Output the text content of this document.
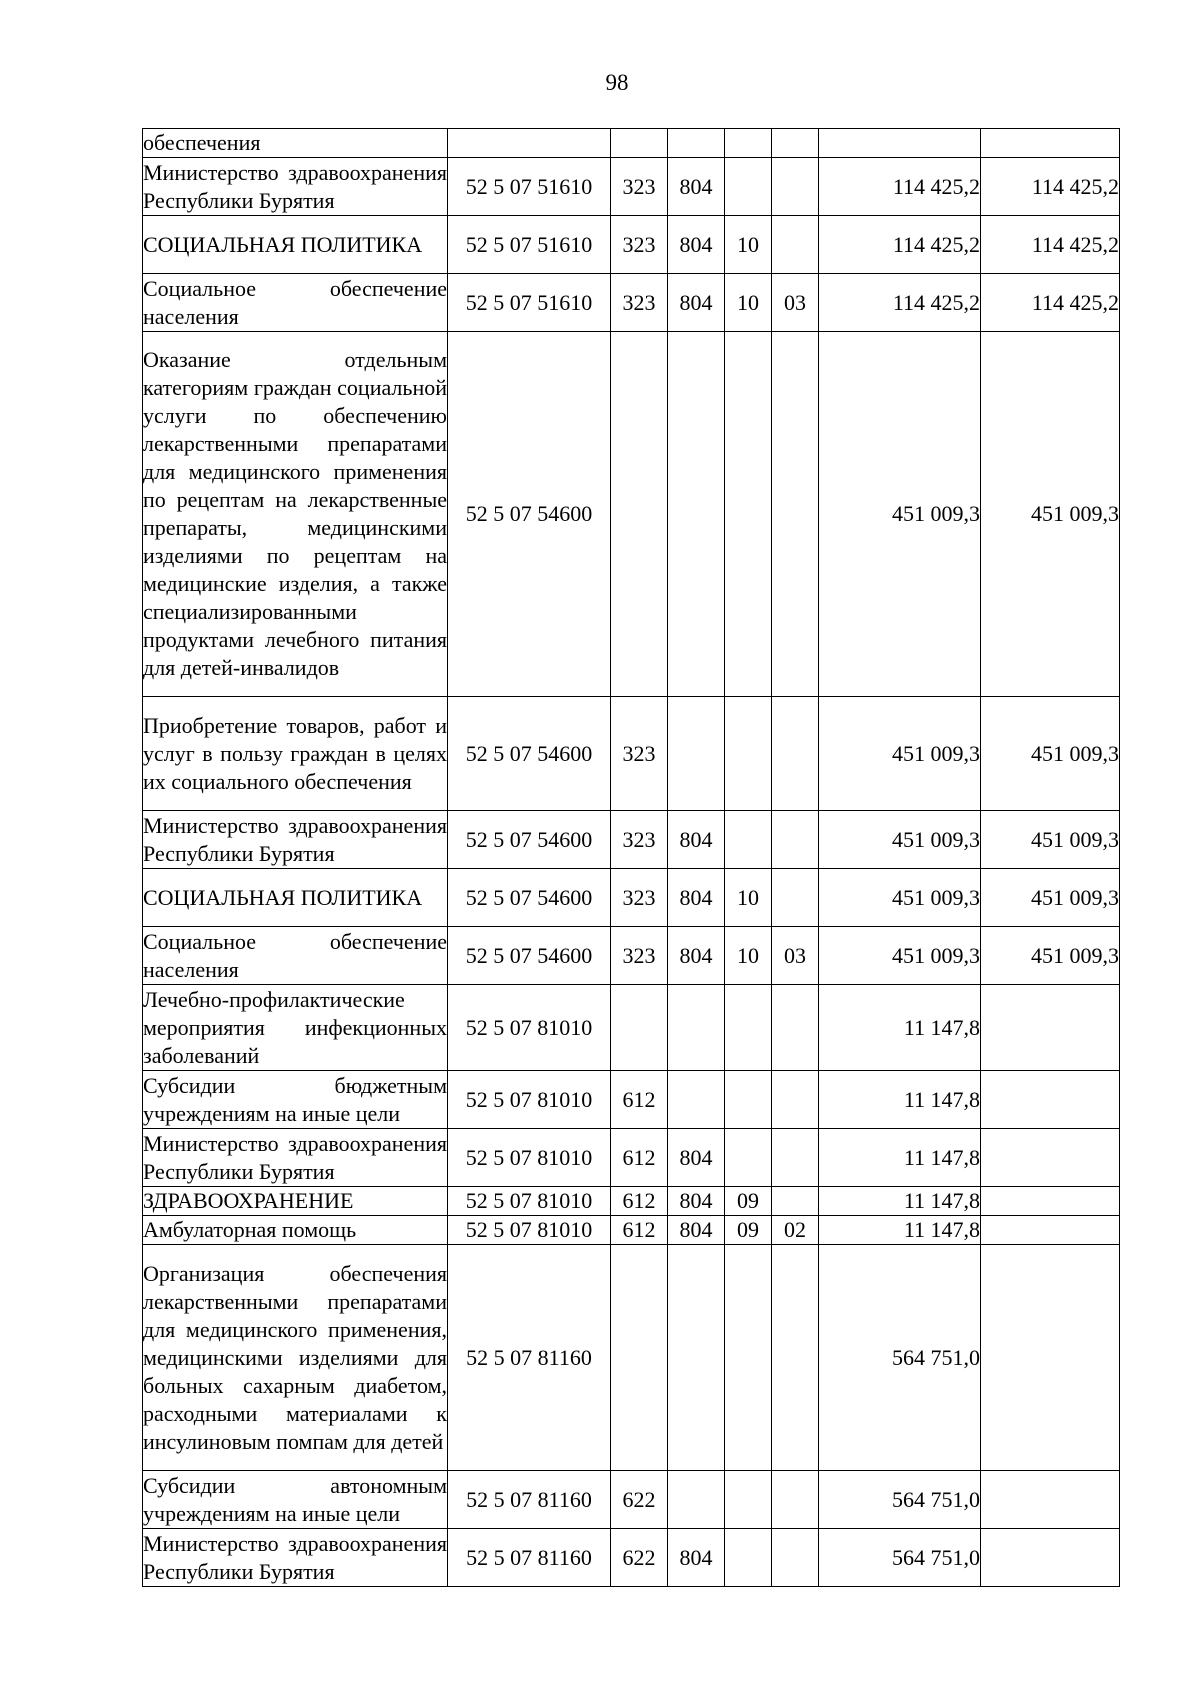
98
обеспечения							
Министерство здравоохранения Республики Бурятия	52 5 07 51610	323	804			114 425,2	114 425,2
СОЦИАЛЬНАЯ ПОЛИТИКА	52 5 07 51610	323	804	10		114 425,2	114 425,2
Социальное обеспечение населения	52 5 07 51610	323	804	10	03	114 425,2	114 425,2
Оказание отдельным категориям граждан социальной услуги по обеспечению лекарственными препаратами для медицинского применения по рецептам на лекарственные препараты, медицинскими изделиями по рецептам на медицинские изделия, а также специализированными продуктами лечебного питания для детей-инвалидов	52 5 07 54600					451 009,3	451 009,3
Приобретение товаров, работ и услуг в пользу граждан в целях их социального обеспечения	52 5 07 54600	323				451 009,3	451 009,3
Министерство здравоохранения Республики Бурятия	52 5 07 54600	323	804			451 009,3	451 009,3
СОЦИАЛЬНАЯ ПОЛИТИКА	52 5 07 54600	323	804	10		451 009,3	451 009,3
Социальное обеспечение населения	52 5 07 54600	323	804	10	03	451 009,3	451 009,3
Лечебно-профилактические мероприятия инфекционных заболеваний	52 5 07 81010					11 147,8	
Субсидии бюджетным учреждениям на иные цели	52 5 07 81010	612				11 147,8	
Министерство здравоохранения Республики Бурятия	52 5 07 81010	612	804			11 147,8	
ЗДРАВООХРАНЕНИЕ	52 5 07 81010	612	804	09		11 147,8	
Амбулаторная помощь	52 5 07 81010	612	804	09	02	11 147,8	
Организация обеспечения лекарственными препаратами для медицинского применения, медицинскими изделиями для больных сахарным диабетом, расходными материалами к инсулиновым помпам для детей	52 5 07 81160					564 751,0	
Субсидии автономным учреждениям на иные цели	52 5 07 81160	622				564 751,0	
Министерство здравоохранения Республики Бурятия	52 5 07 81160	622	804			564 751,0	
